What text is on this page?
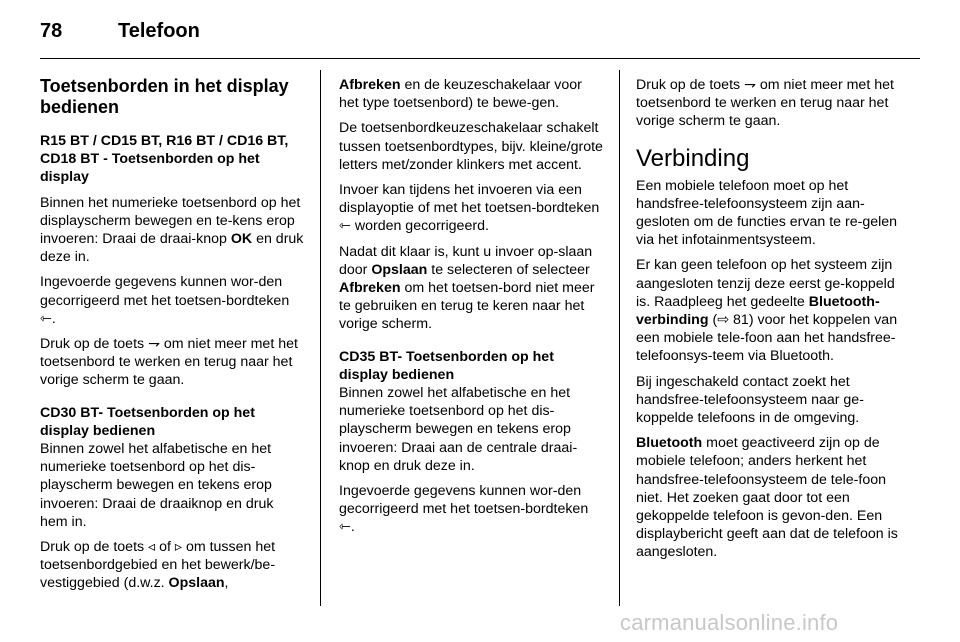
78	Telefoon
Toetsenborden in het display bedienen

R15 BT / CD15 BT, R16 BT / CD16 BT, CD18 BT - Toetsenborden op het display

Binnen het numerieke toetsenbord op het displayscherm bewegen en te-kens erop invoeren: Draai de draai-knop OK en druk deze in.

Ingevoerde gegevens kunnen wor-den gecorrigeerd met het toetsen-bordteken ⇽.

Druk op de toets ⇁ om niet meer met het toetsenbord te werken en terug naar het vorige scherm te gaan.

CD30 BT- Toetsenborden op het display bedienen

Binnen zowel het alfabetische en het numerieke toetsenbord op het dis-playscherm bewegen en tekens erop invoeren: Draai de draaiknop en druk hem in.

Druk op de toets ◃ of ▹ om tussen het toetsenbordgebied en het bewerk/be-vestiggebied (d.w.z. Opslaan,

Afbreken en de keuzeschakelaar voor het type toetsenbord) te bewe-gen.

De toetsenbordkeuzeschakelaar schakelt tussen toetsenbordtypes, bijv. kleine/grote letters met/zonder klinkers met accent.

Invoer kan tijdens het invoeren via een displayoptie of met het toetsen-bordteken ⇽ worden gecorrigeerd.

Nadat dit klaar is, kunt u invoer op-slaan door Opslaan te selecteren of selecteer Afbreken om het toetsen-bord niet meer te gebruiken en terug te keren naar het vorige scherm.

CD35 BT- Toetsenborden op het display bedienen

Binnen zowel het alfabetische en het numerieke toetsenbord op het dis-playscherm bewegen en tekens erop invoeren: Draai aan de centrale draai-knop en druk deze in.

Ingevoerde gegevens kunnen wor-den gecorrigeerd met het toetsen-bordteken ⇽.

Druk op de toets ⇁ om niet meer met het toetsenbord te werken en terug naar het vorige scherm te gaan.

Verbinding

Een mobiele telefoon moet op het handsfree-telefoonsysteem zijn aan-gesloten om de functies ervan te re-gelen via het infotainmentsysteem.

Er kan geen telefoon op het systeem zijn aangesloten tenzij deze eerst ge-koppeld is. Raadpleeg het gedeelte Bluetooth-verbinding (⇨ 81) voor het koppelen van een mobiele tele-foon aan het handsfree-telefoonsys-teem via Bluetooth.

Bij ingeschakeld contact zoekt het handsfree-telefoonsysteem naar ge-koppelde telefoons in de omgeving.

Bluetooth moet geactiveerd zijn op de mobiele telefoon; anders herkent het handsfree-telefoonsysteem de tele-foon niet. Het zoeken gaat door tot een gekoppelde telefoon is gevon-den. Een displaybericht geeft aan dat de telefoon is aangesloten.

carmanualsonline.info
